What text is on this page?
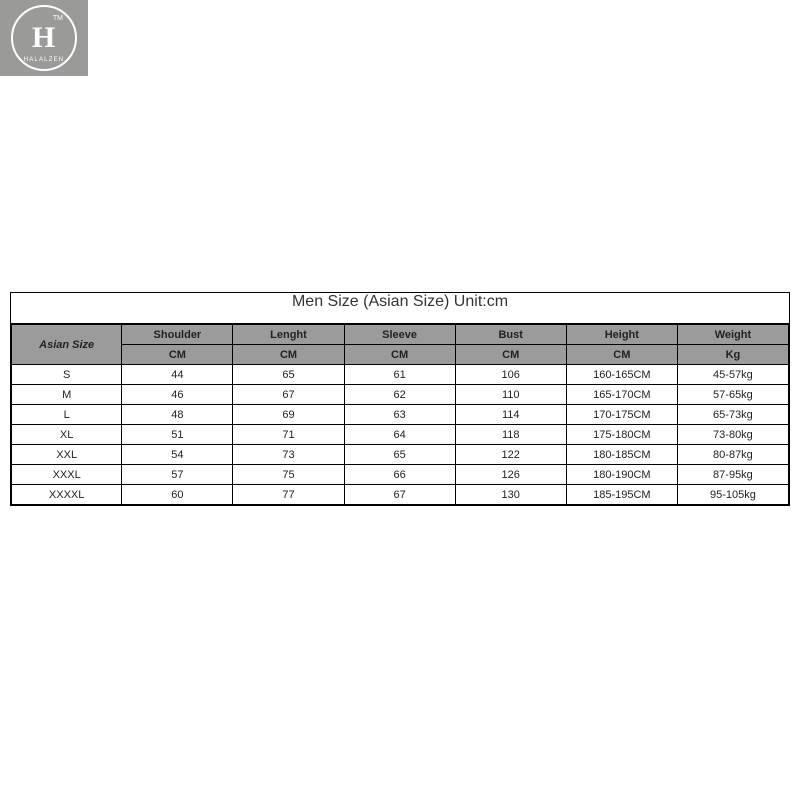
H
TM
HALALZEN
Men Size (Asian Size) Unit:cm
Asian Size	Shoulder	Lenght	Sleeve	Bust	Height	Weight
	CM	CM	CM	CM	CM	Kg
S	44	65	61	106	160-165CM	45-57kg
M	46	67	62	110	165-170CM	57-65kg
L	48	69	63	114	170-175CM	65-73kg
XL	51	71	64	118	175-180CM	73-80kg
XXL	54	73	65	122	180-185CM	80-87kg
XXXL	57	75	66	126	180-190CM	87-95kg
XXXXL	60	77	67	130	185-195CM	95-105kg
